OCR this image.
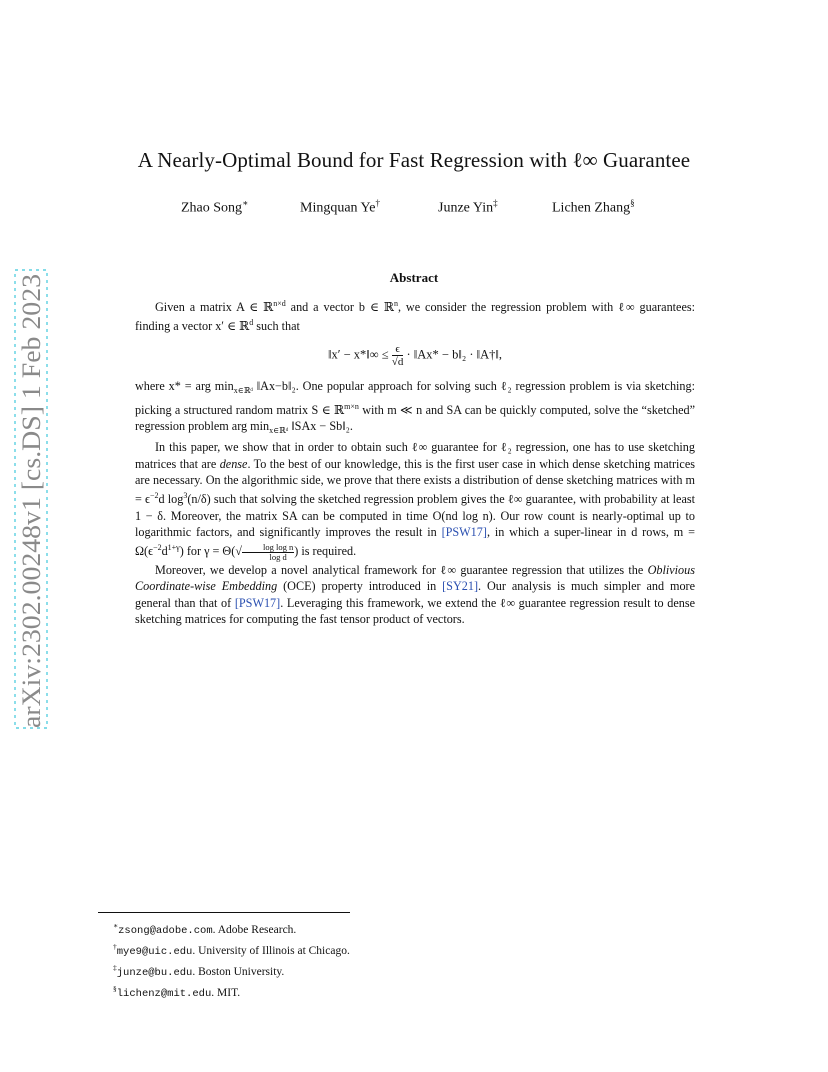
arXiv:2302.00248v1 [cs.DS] 1 Feb 2023
A Nearly-Optimal Bound for Fast Regression with ℓ∞ Guarantee
Zhao Song∗	Mingquan Ye†	Junze Yin‡	Lichen Zhang§
Abstract

Given a matrix A ∈ ℝ$^{n\times d}$ and a vector b ∈ ℝ$^n$, we consider the regression problem with ℓ∞ guarantees: finding a vector x′ ∈ ℝ$^d$ such that

‖x′ − x*‖∞ ≤ $\frac{\epsilon}{√d}$ · ‖Ax* − b‖₂ · ‖A†‖,

where x* = arg $\min_{x\in ℝᵈ}$ ‖Ax−b‖₂. One popular approach for solving such ℓ₂ regression problem is via sketching: picking a structured random matrix S ∈ ℝ$^{m\times n}$ with m ≪ n and SA can be quickly computed, solve the “sketched” regression problem arg $\min_{x\in ℝᵈ}$ ‖SAx − Sb‖₂.

In this paper, we show that in order to obtain such ℓ∞ guarantee for ℓ₂ regression, one has to use sketching matrices that are dense. To the best of our knowledge, this is the first user case in which dense sketching matrices are necessary. On the algorithmic side, we prove that there exists a distribution of dense sketching matrices with $m = \epsilon^{-2}d$ $\log^3(n/\delta)$ such that solving the sketched regression problem gives the ℓ∞ guarantee, with probability at least 1 − δ. Moreover, the matrix SA can be computed in time O(nd log n). Our row count is nearly-optimal up to logarithmic factors, and significantly improves the result in [PSW17], in which a super-linear in d rows, $m = \Omega(\epsilon^{-2}d^{1+\gamma})$ for $\gamma = \Theta(√ \frac{\text{log log n}}{\text{log d}}$ ) is required.

Moreover, we develop a novel analytical framework for ℓ∞ guarantee regression that utilizes the Oblivious Coordinate-wise Embedding (OCE) property introduced in [SY21]. Our analysis is much simpler and more general than that of [PSW17]. Leveraging this framework, we extend the ℓ∞ guarantee regression result to dense sketching matrices for computing the fast tensor product of vectors.

∗zsong@adobe.com. Adobe Research.
†mye9@uic.edu. University of Illinois at Chicago.
‡junze@bu.edu. Boston University.
§lichenz@mit.edu. MIT.
